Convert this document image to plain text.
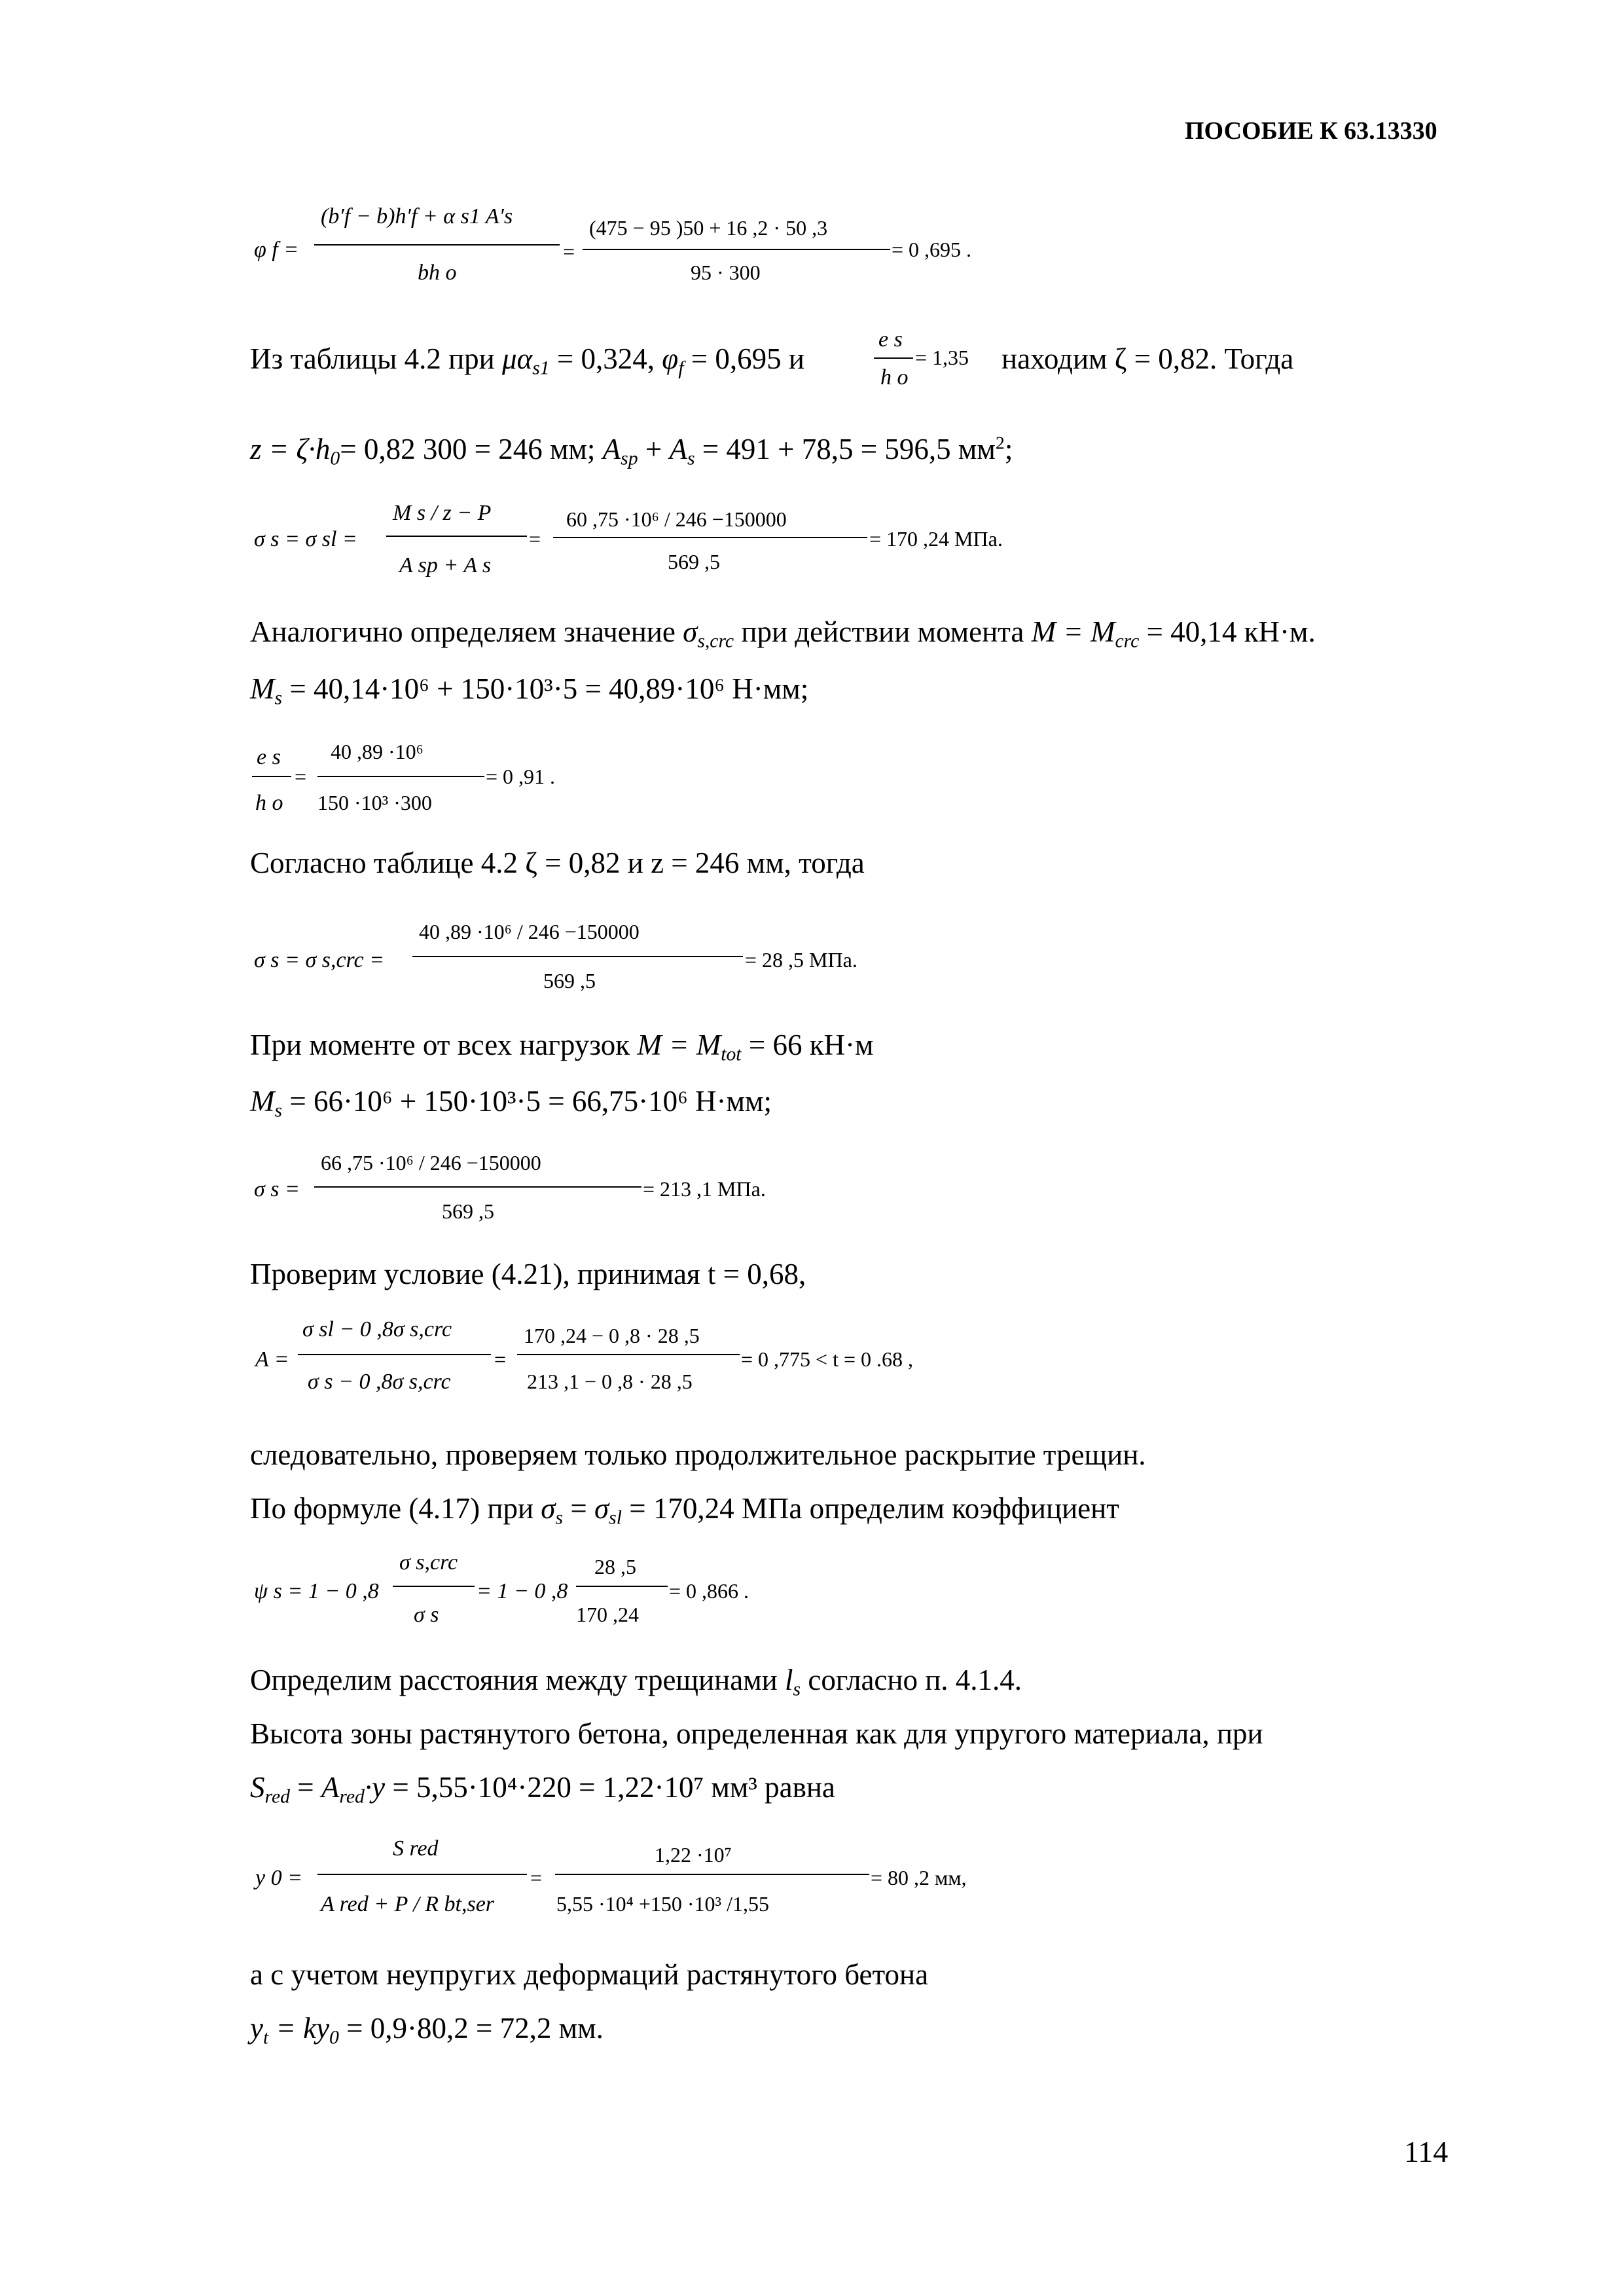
ПОСОБИЕ К 63.13330
φ f =
(b′f − b)h′f + α s1 A′s
bh o
=
(475 − 95 )50 + 16 ,2 · 50 ,3
95 · 300
= 0 ,695 .
Из таблицы 4.2 при $\mu\alpha_{s1} = 0,324$, $\varphi_f = 0,695$ и
e s
h o
= 1,35 находим ζ = 0,82. Тогда
$z = \zeta\cdot h_0= 0,82$ 300 = 246 мм; $A_{sp} + A_s = 491 + 78,5 = 596,5$ $мм^2$;
σ s = σ sl =
M s / z − P
A sp + A s
=
60 ,75 ·10⁶ / 246 −150000
569 ,5
= 170 ,24 МПа.
Аналогично определяем значение $\sigma_{s,crc}$ при действии момента $M = M_{crc} = 40,14$ кН·м.
$M_s = 40,14\cdot 10^6 + 150\cdot 10^3\cdot 5 = 40,89\cdot 10^6$ Н·мм;
e s
h o
=
40 ,89 ·10⁶
150 ·10³ ·300
= 0 ,91 .
Согласно таблице 4.2 ζ = 0,82 и z = 246 мм, тогда
σ s = σ s,crc =
40 ,89 ·10⁶ / 246 −150000
569 ,5
= 28 ,5 МПа.
При моменте от всех нагрузок $M = M_{tot} = 66$ кН·м
$M_s = 66\cdot 10^6 + 150\cdot 10^3\cdot 5 = 66,75\cdot 10^6$ Н·мм;
σ s =
66 ,75 ·10⁶ / 246 −150000
569 ,5
= 213 ,1 МПа.
Проверим условие (4.21), принимая t = 0,68,
A =
σ sl − 0 ,8σ s,crc
σ s − 0 ,8σ s,crc
=
170 ,24 − 0 ,8 · 28 ,5
213 ,1 − 0 ,8 · 28 ,5
= 0 ,775 < t = 0 .68 ,
следовательно, проверяем только продолжительное раскрытие трещин.
По формуле (4.17) при $\sigma_s = \sigma_{sl} = 170,24$ МПа определим коэффициент
ψ s = 1 − 0 ,8
σ s,crc
σ s
= 1 − 0 ,8
28 ,5
170 ,24
= 0 ,866 .
Определим расстояния между трещинами $l_s$ согласно п. 4.1.4.
Высота зоны растянутого бетона, определенная как для упругого материала, при
$S_{red} = A_{red}\cdot y = 5,55\cdot 10^4\cdot 220 = 1,22\cdot 10^7$ мм³ равна
y 0 =
S red
A red + P / R bt,ser
=
1,22 ·10⁷
5,55 ·10⁴ +150 ·10³ /1,55
= 80 ,2 мм,
а с учетом неупругих деформаций растянутого бетона
$y_t = ky_0 = 0,9\cdot 80,2 = 72,2$ мм.
114
